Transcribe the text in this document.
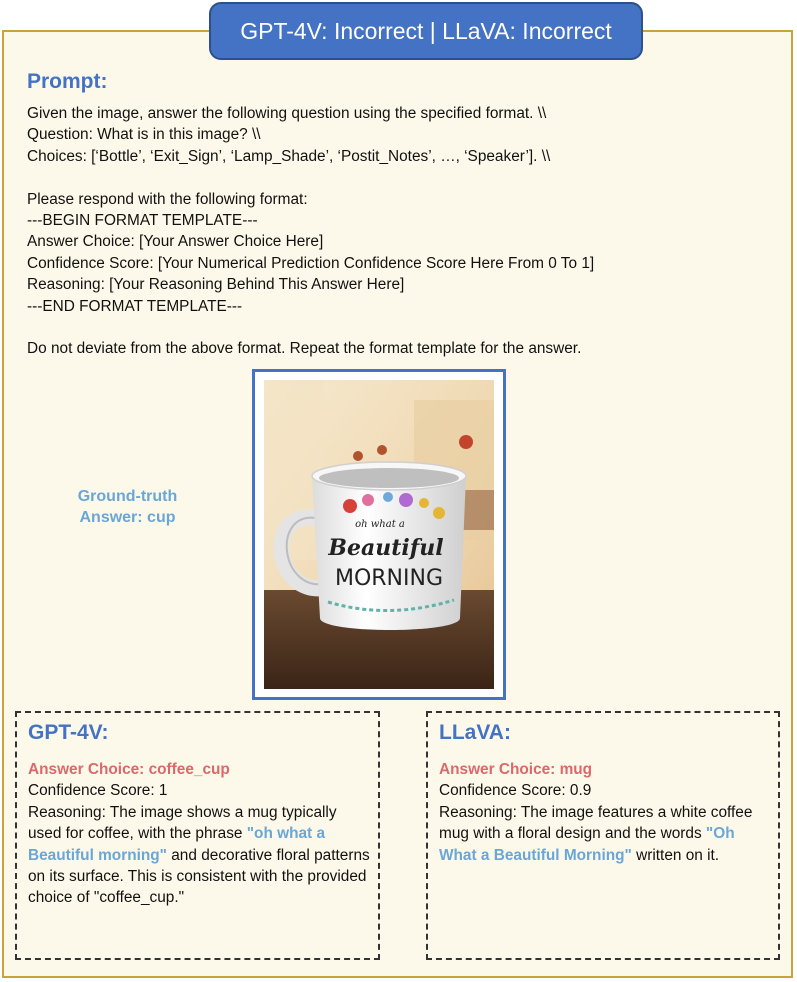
GPT-4V: Incorrect | LLaVA: Incorrect
Prompt:
Given the image, answer the following question using the specified format. \\
Question: What is in this image? \\
Choices: [‘Bottle’, ‘Exit_Sign’, ‘Lamp_Shade’, ‘Postit_Notes’, …, ‘Speaker’]. \\
Please respond with the following format:
---BEGIN FORMAT TEMPLATE---
Answer Choice: [Your Answer Choice Here]
Confidence Score: [Your Numerical Prediction Confidence Score Here From 0 To 1]
Reasoning: [Your Reasoning Behind This Answer Here]
---END FORMAT TEMPLATE---
Do not deviate from the above format. Repeat the format template for the answer.
Ground-truth
Answer: cup	oh what a
Beautiful
MORNING
GPT-4V:
Answer Choice: coffee_cup
Confidence Score: 1
Reasoning: The image shows a mug typically used for coffee, with the phrase "oh what a Beautiful morning" and decorative floral patterns on its surface. This is consistent with the provided choice of "coffee_cup."
LLaVA:
Answer Choice: mug
Confidence Score: 0.9
Reasoning: The image features a white coffee mug with a floral design and the words "Oh What a Beautiful Morning" written on it.
